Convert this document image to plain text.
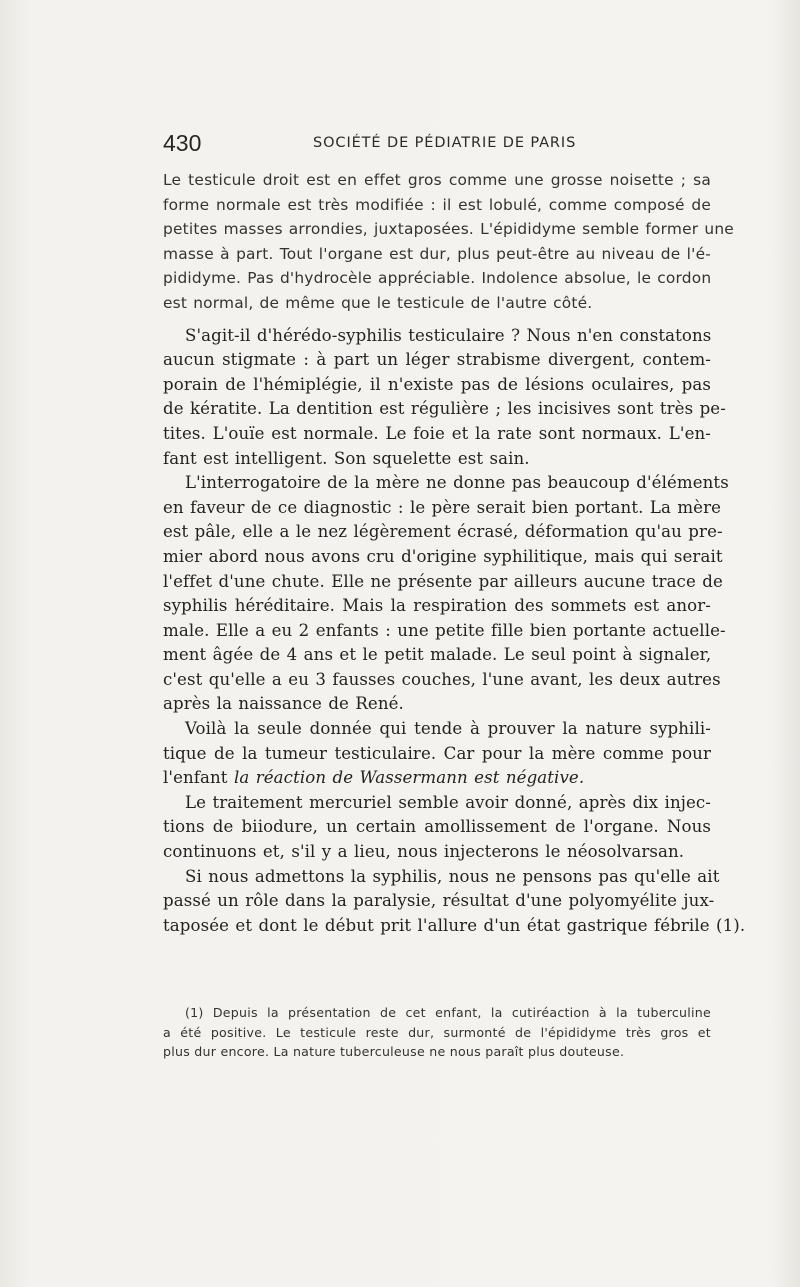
430	SOCIÉTÉ DE PÉDIATRIE DE PARIS
Le testicule droit est en effet gros comme une grosse noisette ; sa
forme normale est très modifiée : il est lobulé, comme composé de
petites masses arrondies, juxtaposées. L'épididyme semble former une
masse à part. Tout l'organe est dur, plus peut-être au niveau de l'é-
pididyme. Pas d'hydrocèle appréciable. Indolence absolue, le cordon
est normal, de même que le testicule de l'autre côté.
S'agit-il d'hérédo-syphilis testiculaire ? Nous n'en constatons
aucun stigmate : à part un léger strabisme divergent, contem-
porain de l'hémiplégie, il n'existe pas de lésions oculaires, pas
de kératite. La dentition est régulière ; les incisives sont très pe-
tites. L'ouïe est normale. Le foie et la rate sont normaux. L'en-
fant est intelligent. Son squelette est sain.
L'interrogatoire de la mère ne donne pas beaucoup d'éléments
en faveur de ce diagnostic : le père serait bien portant. La mère
est pâle, elle a le nez légèrement écrasé, déformation qu'au pre-
mier abord nous avons cru d'origine syphilitique, mais qui serait
l'effet d'une chute. Elle ne présente par ailleurs aucune trace de
syphilis héréditaire. Mais la respiration des sommets est anor-
male. Elle a eu 2 enfants : une petite fille bien portante actuelle-
ment âgée de 4 ans et le petit malade. Le seul point à signaler,
c'est qu'elle a eu 3 fausses couches, l'une avant, les deux autres
après la naissance de René.
Voilà la seule donnée qui tende à prouver la nature syphili-
tique de la tumeur testiculaire. Car pour la mère comme pour
l'enfant la réaction de Wassermann est négative.
Le traitement mercuriel semble avoir donné, après dix injec-
tions de biiodure, un certain amollissement de l'organe. Nous
continuons et, s'il y a lieu, nous injecterons le néosolvarsan.
Si nous admettons la syphilis, nous ne pensons pas qu'elle ait
passé un rôle dans la paralysie, résultat d'une polyomyélite jux-
taposée et dont le début prit l'allure d'un état gastrique fébrile (1).
(1) Depuis la présentation de cet enfant, la cutiréaction à la tuberculine
a été positive. Le testicule reste dur, surmonté de l'épididyme très gros et
plus dur encore. La nature tuberculeuse ne nous paraît plus douteuse.
